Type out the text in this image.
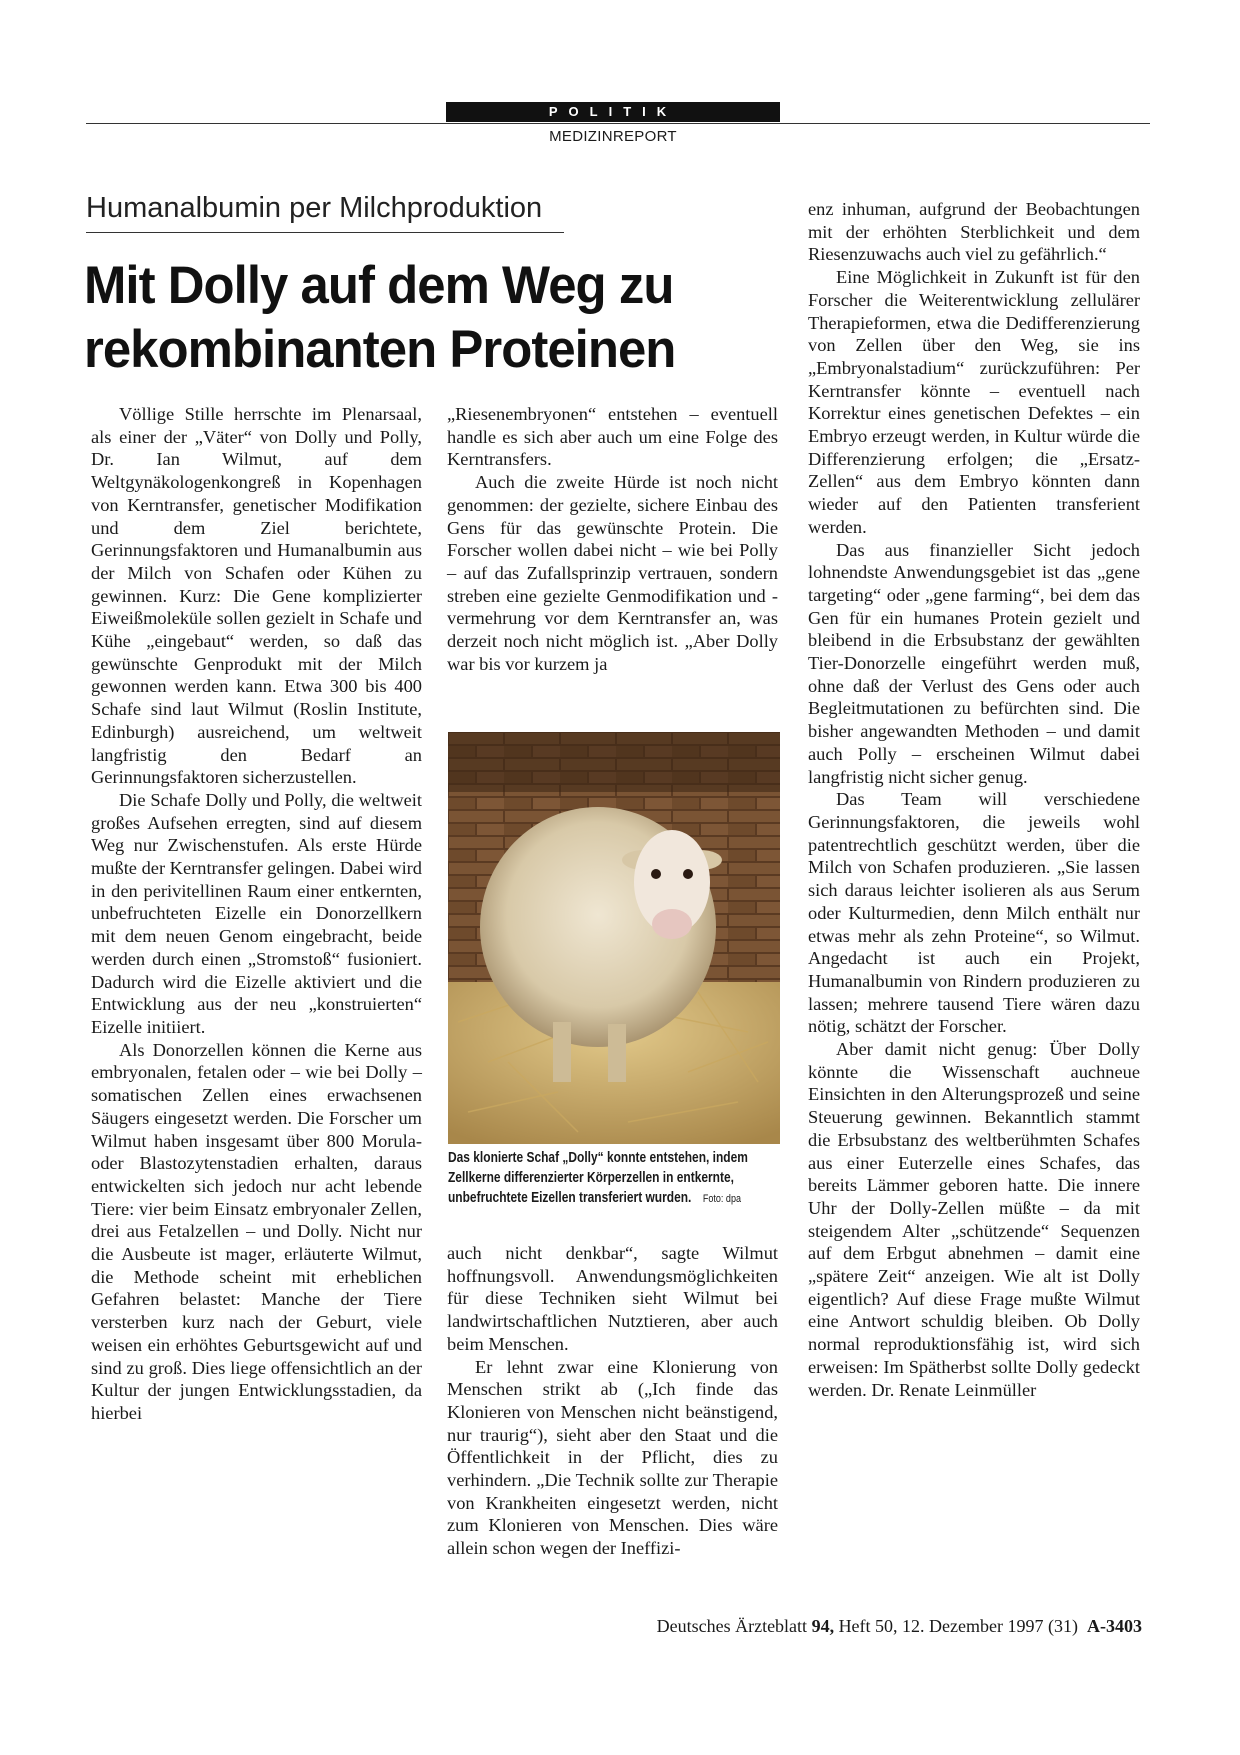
POLITIK
MEDIZINREPORT
Humanalbumin per Milchproduktion
Mit Dolly auf dem Weg zu rekombinanten Proteinen

Völlige Stille herrschte im Plenarsaal, als einer der „Väter“ von Dolly und Polly, Dr. Ian Wilmut, auf dem Weltgynäkologenkongreß in Kopenhagen von Kerntransfer, genetischer Modifikation und dem Ziel berichtete, Gerinnungsfaktoren und Humanalbumin aus der Milch von Schafen oder Kühen zu gewinnen. Kurz: Die Gene komplizierter Eiweißmoleküle sollen gezielt in Schafe und Kühe „eingebaut“ werden, so daß das gewünschte Genprodukt mit der Milch gewonnen werden kann. Etwa 300 bis 400 Schafe sind laut Wilmut (Roslin Institute, Edinburgh) ausreichend, um weltweit langfristig den Bedarf an Gerinnungsfaktoren sicherzustellen.

Die Schafe Dolly und Polly, die weltweit großes Aufsehen erregten, sind auf diesem Weg nur Zwischenstufen. Als erste Hürde mußte der Kerntransfer gelingen. Dabei wird in den perivitellinen Raum einer entkernten, unbefruchteten Eizelle ein Donorzellkern mit dem neuen Genom eingebracht, beide werden durch einen „Stromstoß“ fusioniert. Dadurch wird die Eizelle aktiviert und die Entwicklung aus der neu „konstruierten“ Eizelle initiiert.

Als Donorzellen können die Kerne aus embryonalen, fetalen oder – wie bei Dolly – somatischen Zellen eines erwachsenen Säugers eingesetzt werden. Die Forscher um Wilmut haben insgesamt über 800 Morula- oder Blastozytenstadien erhalten, daraus entwickelten sich jedoch nur acht lebende Tiere: vier beim Einsatz embryonaler Zellen, drei aus Fetalzellen – und Dolly. Nicht nur die Ausbeute ist mager, erläuterte Wilmut, die Methode scheint mit erheblichen Gefahren belastet: Manche der Tiere versterben kurz nach der Geburt, viele weisen ein erhöhtes Geburtsgewicht auf und sind zu groß. Dies liege offensichtlich an der Kultur der jungen Entwicklungsstadien, da hierbei

„Riesenembryonen“ entstehen – eventuell handle es sich aber auch um eine Folge des Kerntransfers.

Auch die zweite Hürde ist noch nicht genommen: der gezielte, sichere Einbau des Gens für das gewünschte Protein. Die Forscher wollen dabei nicht – wie bei Polly – auf das Zufallsprinzip vertrauen, sondern streben eine gezielte Genmodifikation und -vermehrung vor dem Kerntransfer an, was derzeit noch nicht möglich ist. „Aber Dolly war bis vor kurzem ja

Das klonierte Schaf „Dolly“ konnte entstehen, indem Zellkerne differenzierter Körperzellen in entkernte, unbefruchtete Eizellen transferiert wurden. Foto: dpa

auch nicht denkbar“, sagte Wilmut hoffnungsvoll. Anwendungsmöglichkeiten für diese Techniken sieht Wilmut bei landwirtschaftlichen Nutztieren, aber auch beim Menschen.

Er lehnt zwar eine Klonierung von Menschen strikt ab („Ich finde das Klonieren von Menschen nicht beänstigend, nur traurig“), sieht aber den Staat und die Öffentlichkeit in der Pflicht, dies zu verhindern. „Die Technik sollte zur Therapie von Krankheiten eingesetzt werden, nicht zum Klonieren von Menschen. Dies wäre allein schon wegen der Ineffizi-

enz inhuman, aufgrund der Beobachtungen mit der erhöhten Sterblichkeit und dem Riesenzuwachs auch viel zu gefährlich.“

Eine Möglichkeit in Zukunft ist für den Forscher die Weiterentwicklung zellulärer Therapieformen, etwa die Dedifferenzierung von Zellen über den Weg, sie ins „Embryonalstadium“ zurückzuführen: Per Kerntransfer könnte – eventuell nach Korrektur eines genetischen Defektes – ein Embryo erzeugt werden, in Kultur würde die Differenzierung erfolgen; die „Ersatz-Zellen“ aus dem Embryo könnten dann wieder auf den Patienten transferient werden.

Das aus finanzieller Sicht jedoch lohnendste Anwendungsgebiet ist das „gene targeting“ oder „gene farming“, bei dem das Gen für ein humanes Protein gezielt und bleibend in die Erbsubstanz der gewählten Tier-Donorzelle eingeführt werden muß, ohne daß der Verlust des Gens oder auch Begleitmutationen zu befürchten sind. Die bisher angewandten Methoden – und damit auch Polly – erscheinen Wilmut dabei langfristig nicht sicher genug.

Das Team will verschiedene Gerinnungsfaktoren, die jeweils wohl patentrechtlich geschützt werden, über die Milch von Schafen produzieren. „Sie lassen sich daraus leichter isolieren als aus Serum oder Kulturmedien, denn Milch enthält nur etwas mehr als zehn Proteine“, so Wilmut. Angedacht ist auch ein Projekt, Humanalbumin von Rindern produzieren zu lassen; mehrere tausend Tiere wären dazu nötig, schätzt der Forscher.

Aber damit nicht genug: Über Dolly könnte die Wissenschaft auchneue Einsichten in den Alterungsprozeß und seine Steuerung gewinnen. Bekanntlich stammt die Erbsubstanz des weltberühmten Schafes aus einer Euterzelle eines Schafes, das bereits Lämmer geboren hatte. Die innere Uhr der Dolly-Zellen müßte – da mit steigendem Alter „schützende“ Sequenzen auf dem Erbgut abnehmen – damit eine „spätere Zeit“ anzeigen. Wie alt ist Dolly eigentlich? Auf diese Frage mußte Wilmut eine Antwort schuldig bleiben. Ob Dolly normal reproduktionsfähig ist, wird sich erweisen: Im Spätherbst sollte Dolly gedeckt werden. Dr. Renate Leinmüller

Deutsches Ärzteblatt 94, Heft 50, 12. Dezember 1997 (31) A-3403
